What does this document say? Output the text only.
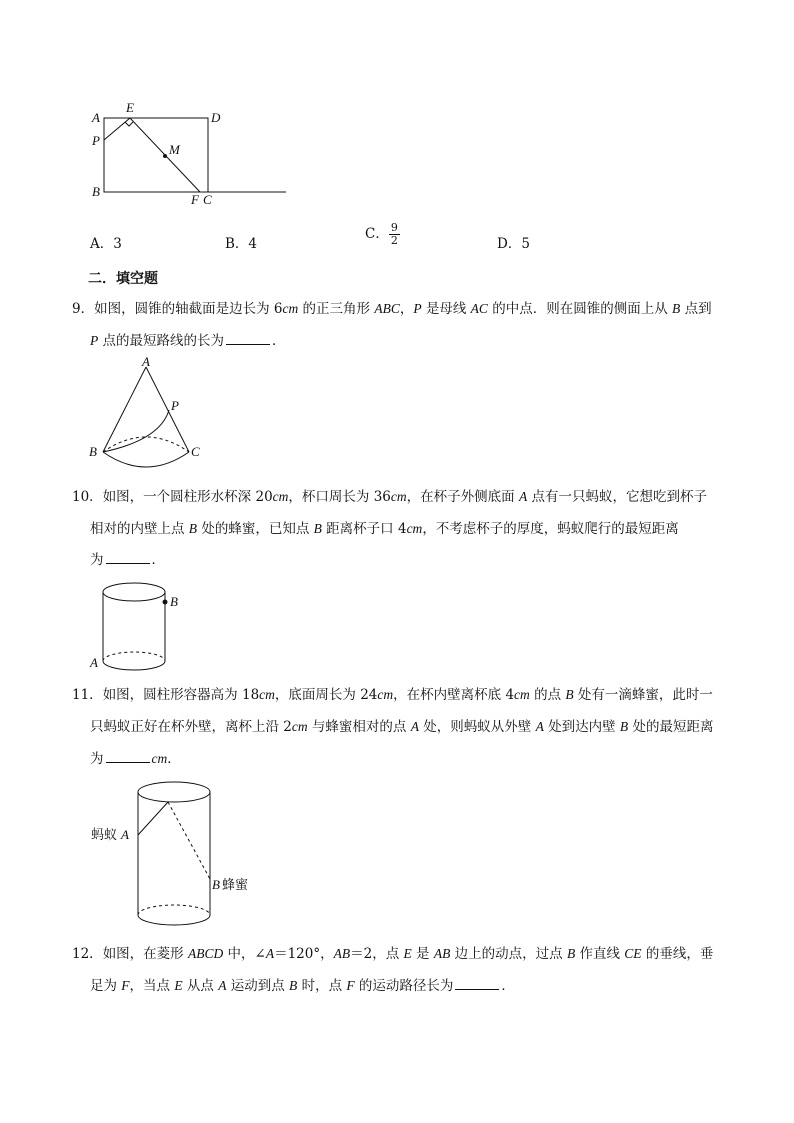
A
E
D
P
M
B
F C
A．3	B．4
C． $\frac{9}{2}$	D．5
二．填空题
9．如图，圆锥的轴截面是边长为 6cm 的正三角形 ABC，P 是母线 AC 的中点．则在圆锥的侧面上从 B 点到
P 点的最短路线的长为	．
A
P
B	C
10．如图，一个圆柱形水杯深 20cm，杯口周长为 36cm，在杯子外侧底面 A 点有一只蚂蚁，它想吃到杯子
相对的内壁上点 B 处的蜂蜜，已知点 B 距离杯子口 4cm，不考虑杯子的厚度，蚂蚁爬行的最短距离
为	．
B
A
11．如图，圆柱形容器高为 18cm，底面周长为 24cm，在杯内壁离杯底 4cm 的点 B 处有一滴蜂蜜，此时一
只蚂蚁正好在杯外壁，离杯上沿 2cm 与蜂蜜相对的点 A 处，则蚂蚁从外壁 A 处到达内壁 B 处的最短距离
为	cm．
蚂蚁 A
B 蜂蜜
12．如图，在菱形 ABCD 中，∠A＝120°，AB＝2，点 E 是 AB 边上的动点，过点 B 作直线 CE 的垂线，垂
足为 F，当点 E 从点 A 运动到点 B 时，点 F 的运动路径长为	．
